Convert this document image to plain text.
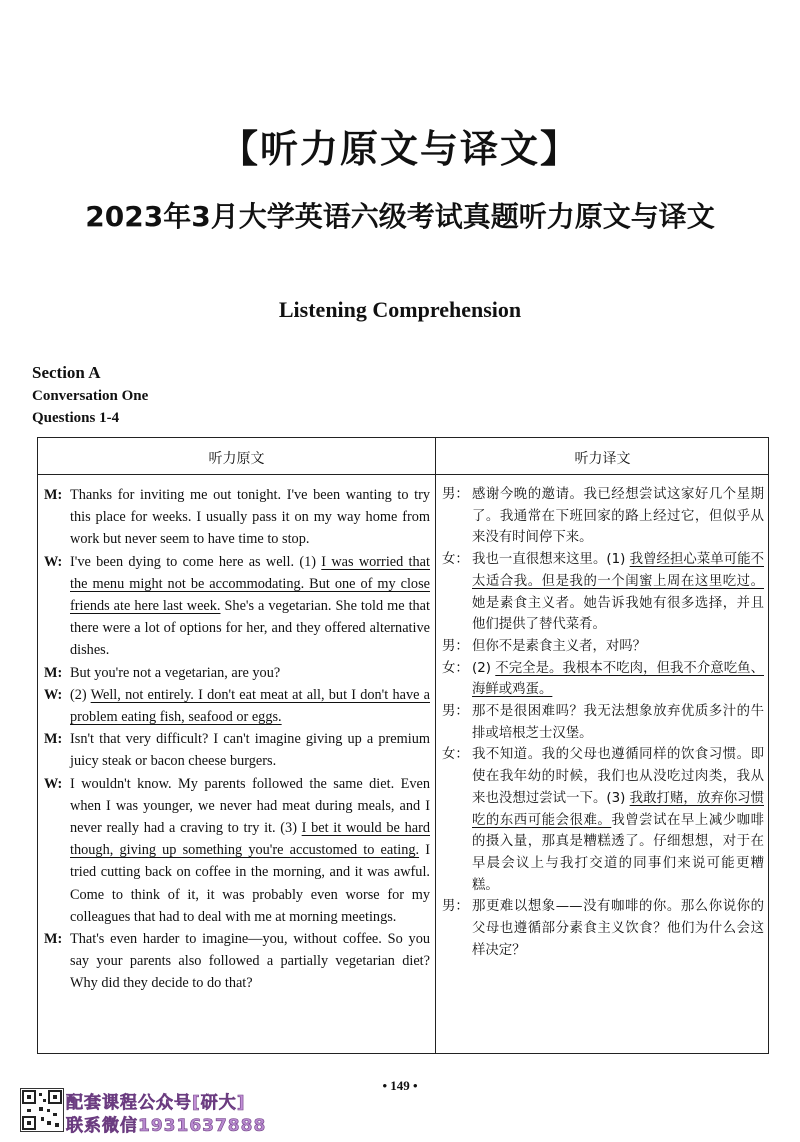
【听力原文与译文】
2023年3月大学英语六级考试真题听力原文与译文
Listening Comprehension
Section A
Conversation One
Questions 1-4
听力原文	听力译文
M: Thanks for inviting me out tonight. I've been wanting to try this place for weeks. I usually pass it on my way home from work but never seem to have time to stop.
W: I've been dying to come here as well. (1) I was worried that the menu might not be accommodating. But one of my close friends ate here last week. She's a vegetarian. She told me that there were a lot of options for her, and they offered alternative dishes.
M: But you're not a vegetarian, are you?
W: (2) Well, not entirely. I don't eat meat at all, but I don't have a problem eating fish, seafood or eggs.
M: Isn't that very difficult? I can't imagine giving up a premium juicy steak or bacon cheese burgers.
W: I wouldn't know. My parents followed the same diet. Even when I was younger, we never had meat during meals, and I never really had a craving to try it. (3) I bet it would be hard though, giving up something you're accustomed to eating. I tried cutting back on coffee in the morning, and it was awful. Come to think of it, it was probably even worse for my colleagues that had to deal with me at morning meetings.
M: That's even harder to imagine—you, without coffee. So you say your parents also followed a partially vegetarian diet? Why did they decide to do that?
男： 感谢今晚的邀请。我已经想尝试这家好几个星期了。我通常在下班回家的路上经过它，但似乎从来没有时间停下来。
女： 我也一直很想来这里。(1) 我曾经担心菜单可能不太适合我。但是我的一个闺蜜上周在这里吃过。她是素食主义者。她告诉我她有很多选择，并且他们提供了替代菜肴。
男： 但你不是素食主义者，对吗？
女： (2) 不完全是。我根本不吃肉，但我不介意吃鱼、海鲜或鸡蛋。
男： 那不是很困难吗？我无法想象放弃优质多汁的牛排或培根芝士汉堡。
女： 我不知道。我的父母也遵循同样的饮食习惯。即使在我年幼的时候，我们也从没吃过肉类，我从来也没想过尝试一下。(3) 我敢打赌，放弃你习惯吃的东西可能会很难。我曾尝试在早上减少咖啡的摄入量，那真是糟糕透了。仔细想想，对于在早晨会议上与我打交道的同事们来说可能更糟糕。
男： 那更难以想象——没有咖啡的你。那么你说你的父母也遵循部分素食主义饮食？他们为什么会这样决定？
• 149 •
配套课程公众号[研大]
联系微信1931637888
